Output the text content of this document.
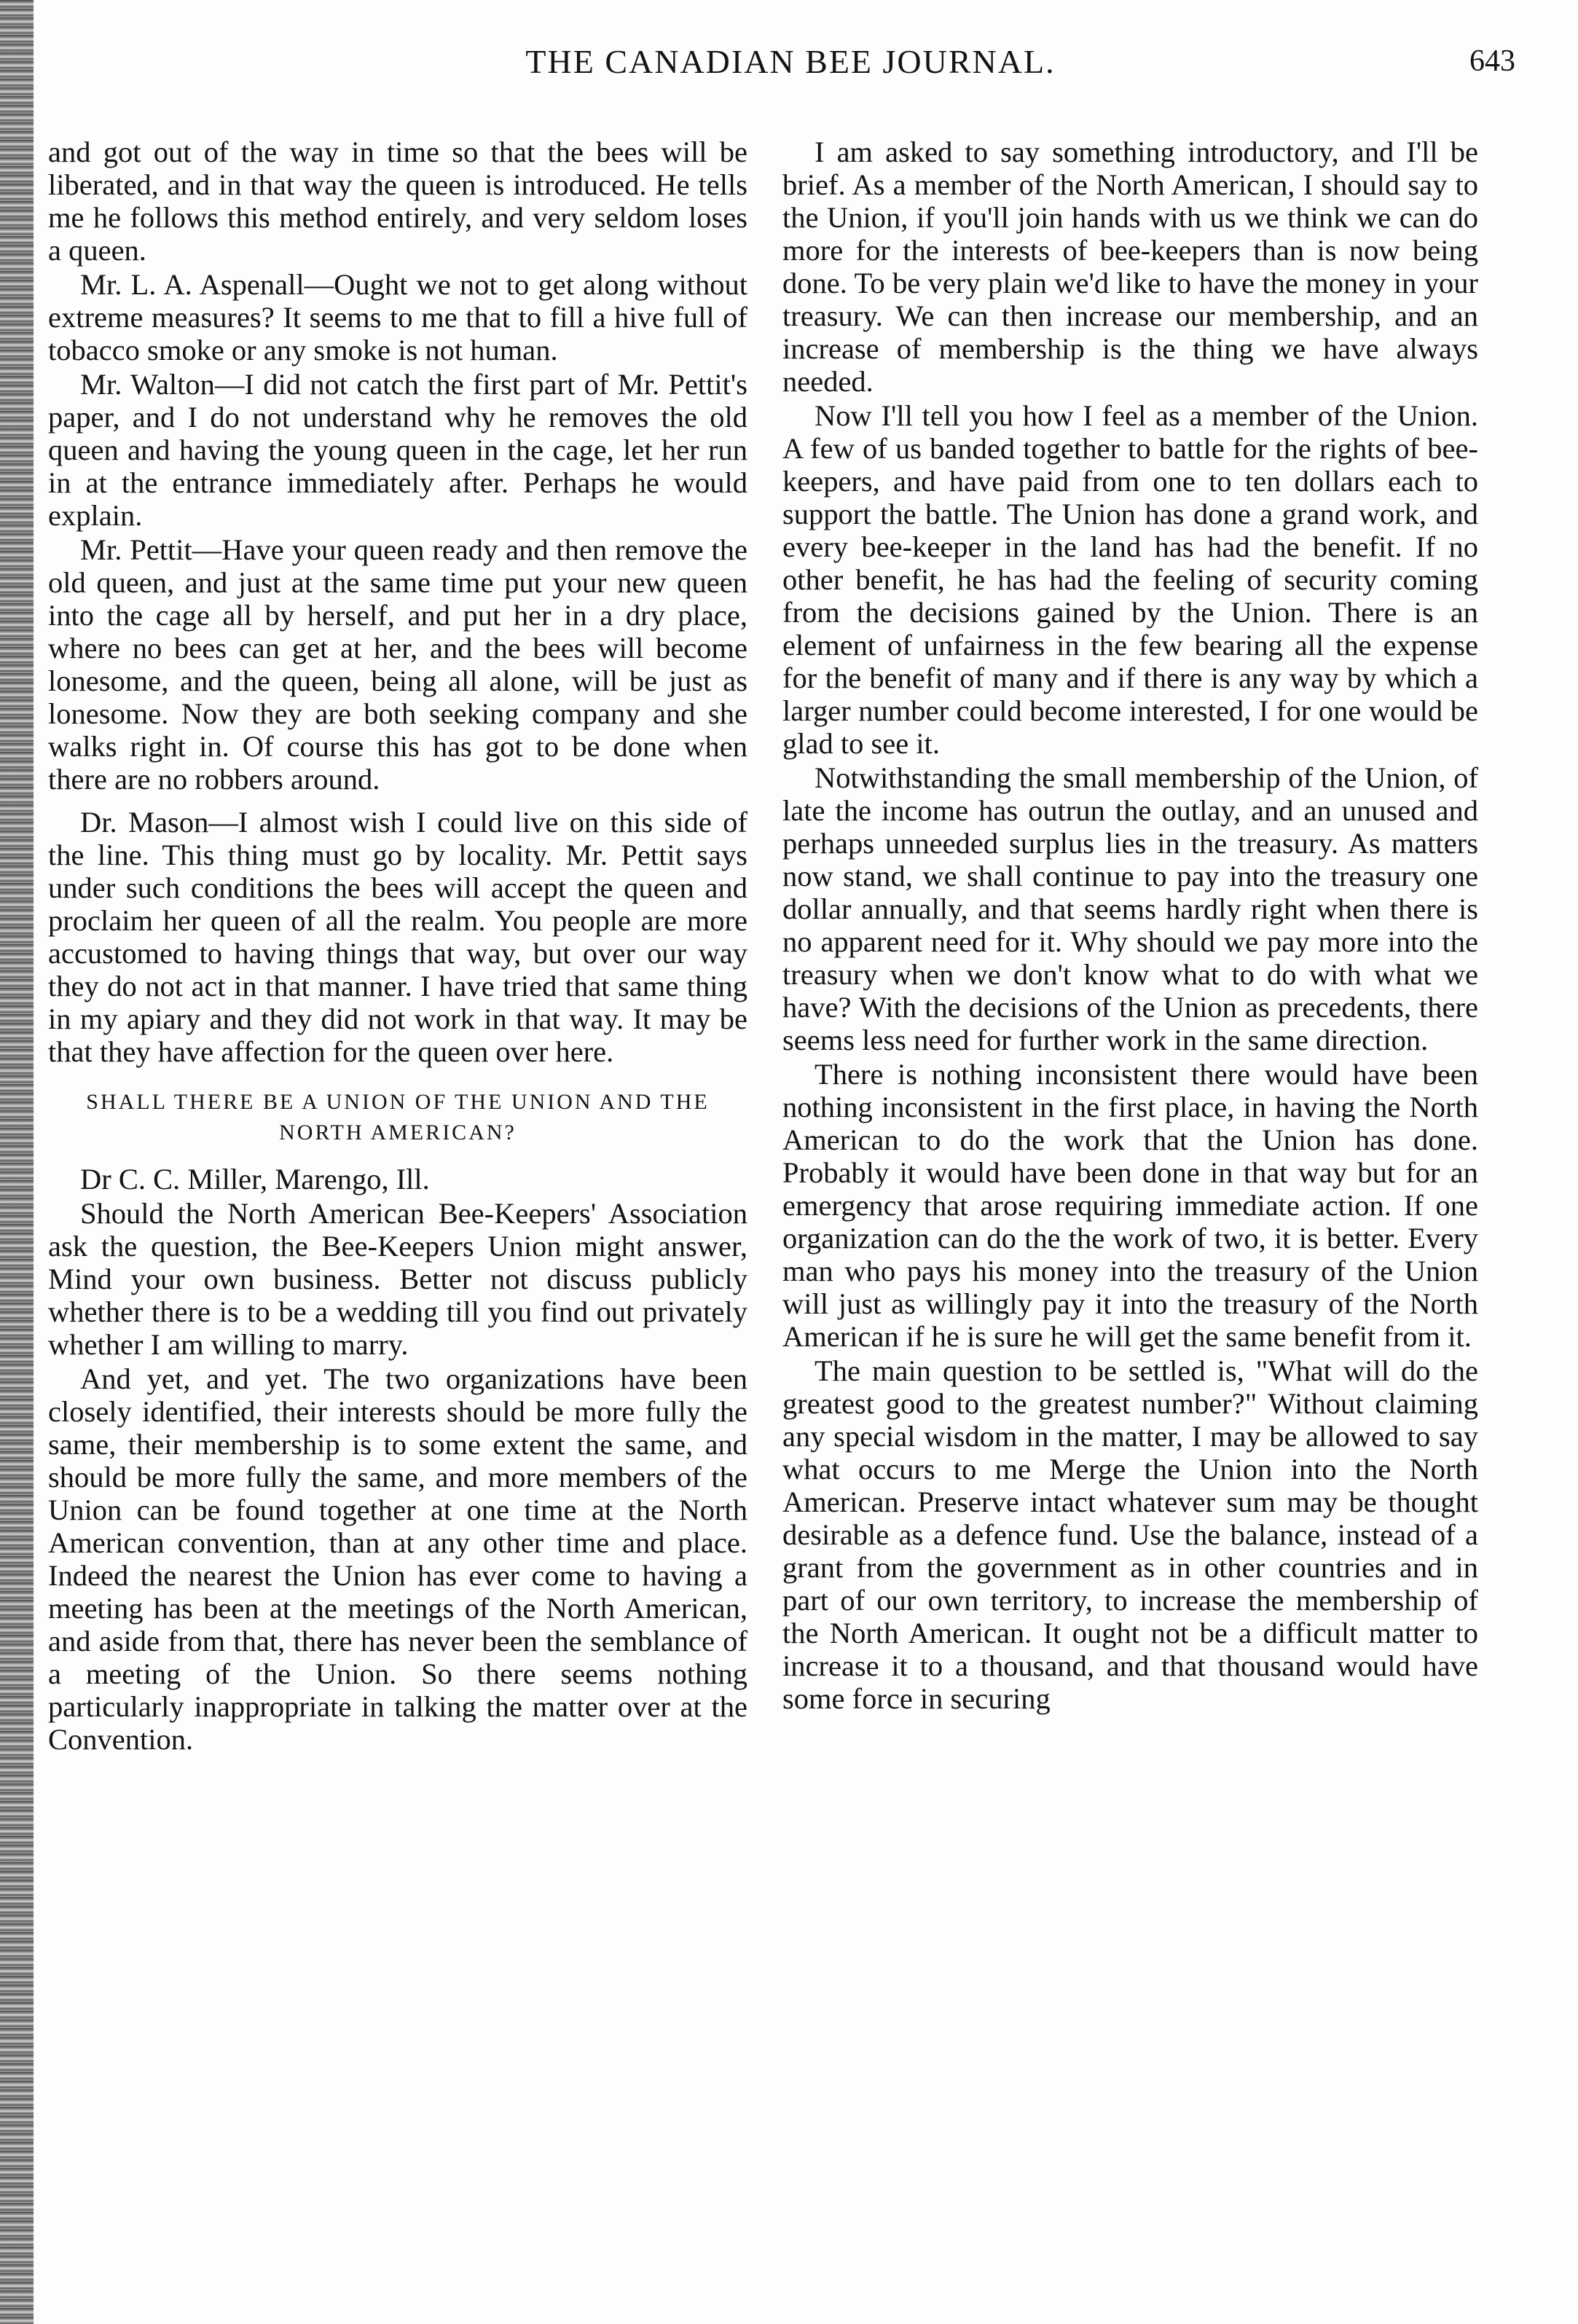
THE CANADIAN BEE JOURNAL.	643

and got out of the way in time so that the bees will be liberated, and in that way the queen is introduced. He tells me he follows this method entirely, and very seldom loses a queen.

Mr. L. A. Aspenall—Ought we not to get along without extreme measures? It seems to me that to fill a hive full of tobacco smoke or any smoke is not human.

Mr. Walton—I did not catch the first part of Mr. Pettit's paper, and I do not understand why he removes the old queen and having the young queen in the cage, let her run in at the entrance immediately after. Perhaps he would explain.

Mr. Pettit—Have your queen ready and then remove the old queen, and just at the same time put your new queen into the cage all by herself, and put her in a dry place, where no bees can get at her, and the bees will become lonesome, and the queen, being all alone, will be just as lonesome. Now they are both seeking company and she walks right in. Of course this has got to be done when there are no robbers around.

Dr. Mason—I almost wish I could live on this side of the line. This thing must go by locality. Mr. Pettit says under such conditions the bees will accept the queen and proclaim her queen of all the realm. You people are more accustomed to having things that way, but over our way they do not act in that manner. I have tried that same thing in my apiary and they did not work in that way. It may be that they have affection for the queen over here.

SHALL THERE BE A UNION OF THE UNION AND THE NORTH AMERICAN?

Dr C. C. Miller, Marengo, Ill.

Should the North American Bee-Keepers' Association ask the question, the Bee-Keepers Union might answer, Mind your own business. Better not discuss publicly whether there is to be a wedding till you find out privately whether I am willing to marry.

And yet, and yet. The two organizations have been closely identified, their interests should be more fully the same, their membership is to some extent the same, and should be more fully the same, and more members of the Union can be found together at one time at the North American convention, than at any other time and place. Indeed the nearest the Union has ever come to having a meeting has been at the meetings of the North American, and aside from that, there has never been the semblance of a meeting of the Union. So there seems nothing particularly inappropriate in talking the matter over at the Convention.

I am asked to say something introductory, and I'll be brief. As a member of the North American, I should say to the Union, if you'll join hands with us we think we can do more for the interests of bee-keepers than is now being done. To be very plain we'd like to have the money in your treasury. We can then increase our membership, and an increase of membership is the thing we have always needed.

Now I'll tell you how I feel as a member of the Union. A few of us banded together to battle for the rights of bee-keepers, and have paid from one to ten dollars each to support the battle. The Union has done a grand work, and every bee-keeper in the land has had the benefit. If no other benefit, he has had the feeling of security coming from the decisions gained by the Union. There is an element of unfairness in the few bearing all the expense for the benefit of many and if there is any way by which a larger number could become interested, I for one would be glad to see it.

Notwithstanding the small membership of the Union, of late the income has outrun the outlay, and an unused and perhaps unneeded surplus lies in the treasury. As matters now stand, we shall continue to pay into the treasury one dollar annually, and that seems hardly right when there is no apparent need for it. Why should we pay more into the treasury when we don't know what to do with what we have? With the decisions of the Union as precedents, there seems less need for further work in the same direction.

There is nothing inconsistent there would have been nothing inconsistent in the first place, in having the North American to do the work that the Union has done. Probably it would have been done in that way but for an emergency that arose requiring immediate action. If one organization can do the the work of two, it is better. Every man who pays his money into the treasury of the Union will just as willingly pay it into the treasury of the North American if he is sure he will get the same benefit from it.

The main question to be settled is, "What will do the greatest good to the greatest number?" Without claiming any special wisdom in the matter, I may be allowed to say what occurs to me Merge the Union into the North American. Preserve intact whatever sum may be thought desirable as a defence fund. Use the balance, instead of a grant from the government as in other countries and in part of our own territory, to increase the membership of the North American. It ought not be a difficult matter to increase it to a thousand, and that thousand would have some force in securing
